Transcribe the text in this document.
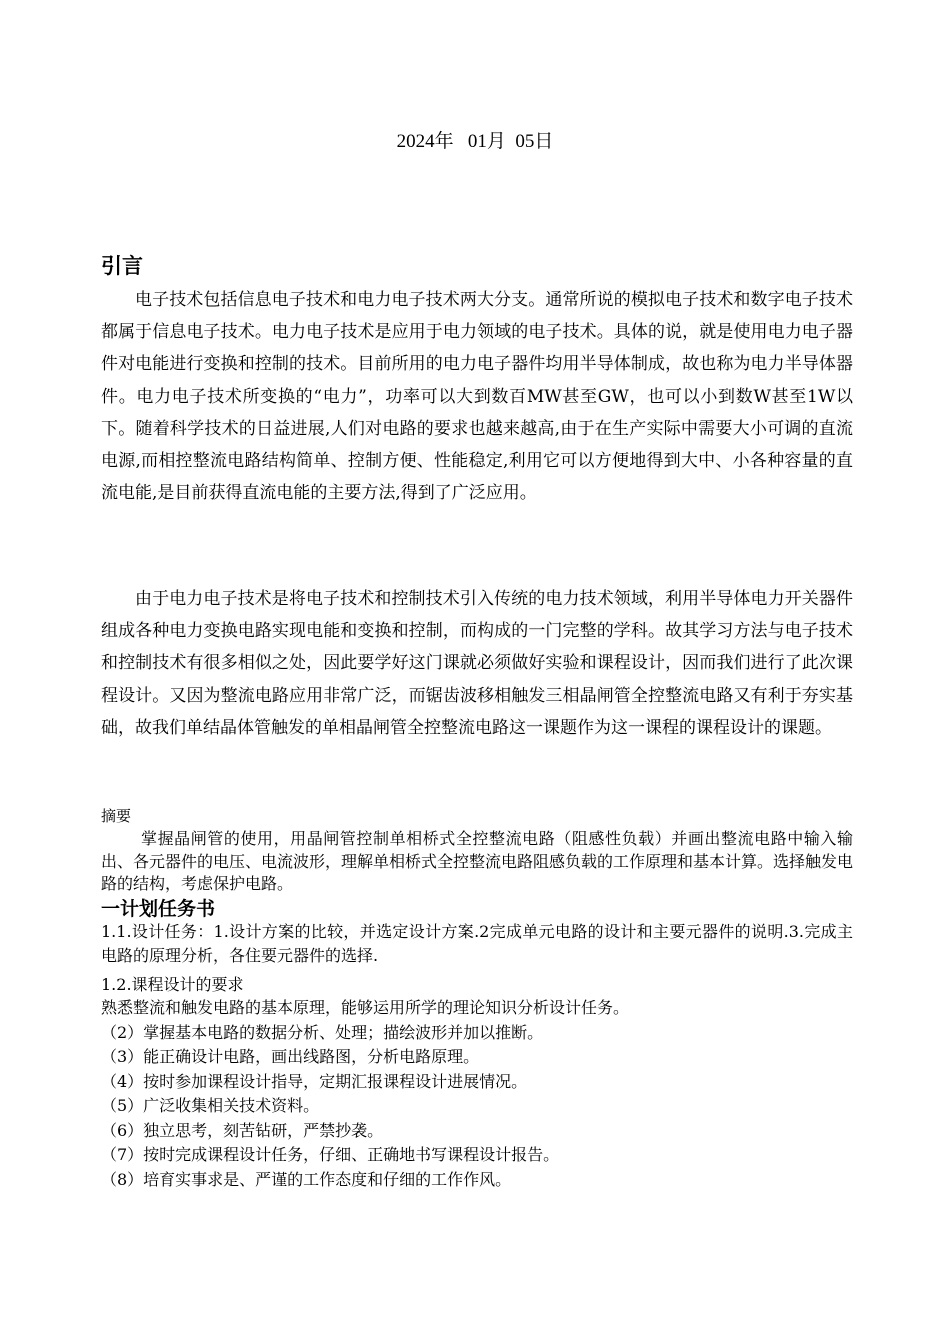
2024年   01月  05日
引言

电子技术包括信息电子技术和电力电子技术两大分支。通常所说的模拟电子技术和数字电子技术都属于信息电子技术。电力电子技术是应用于电力领域的电子技术。具体的说，就是使用电力电子器件对电能进行变换和控制的技术。目前所用的电力电子器件均用半导体制成，故也称为电力半导体器件。电力电子技术所变换的“电力”，功率可以大到数百MW甚至GW，也可以小到数W甚至1W以下。随着科学技术的日益进展,人们对电路的要求也越来越高,由于在生产实际中需要大小可调的直流电源,而相控整流电路结构简单、控制方便、性能稳定,利用它可以方便地得到大中、小各种容量的直流电能,是目前获得直流电能的主要方法,得到了广泛应用。

由于电力电子技术是将电子技术和控制技术引入传统的电力技术领域，利用半导体电力开关器件组成各种电力变换电路实现电能和变换和控制，而构成的一门完整的学科。故其学习方法与电子技术和控制技术有很多相似之处，因此要学好这门课就必须做好实验和课程设计，因而我们进行了此次课程设计。又因为整流电路应用非常广泛，而锯齿波移相触发三相晶闸管全控整流电路又有利于夯实基础，故我们单结晶体管触发的单相晶闸管全控整流电路这一课题作为这一课程的课程设计的课题。

摘要

掌握晶闸管的使用，用晶闸管控制单相桥式全控整流电路（阻感性负载）并画出整流电路中输入输出、各元器件的电压、电流波形，理解单相桥式全控整流电路阻感负载的工作原理和基本计算。选择触发电路的结构，考虑保护电路。

一计划任务书

1.1.设计任务：1.设计方案的比较，并选定设计方案.2完成单元电路的设计和主要元器件的说明.3.完成主电路的原理分析，各住要元器件的选择.

1.2.课程设计的要求

熟悉整流和触发电路的基本原理，能够运用所学的理论知识分析设计任务。
（2）掌握基本电路的数据分析、处理；描绘波形并加以推断。
（3）能正确设计电路，画出线路图，分析电路原理。
（4）按时参加课程设计指导，定期汇报课程设计进展情况。
（5）广泛收集相关技术资料。
（6）独立思考，刻苦钻研，严禁抄袭。
（7）按时完成课程设计任务，仔细、正确地书写课程设计报告。
（8）培育实事求是、严谨的工作态度和仔细的工作作风。
